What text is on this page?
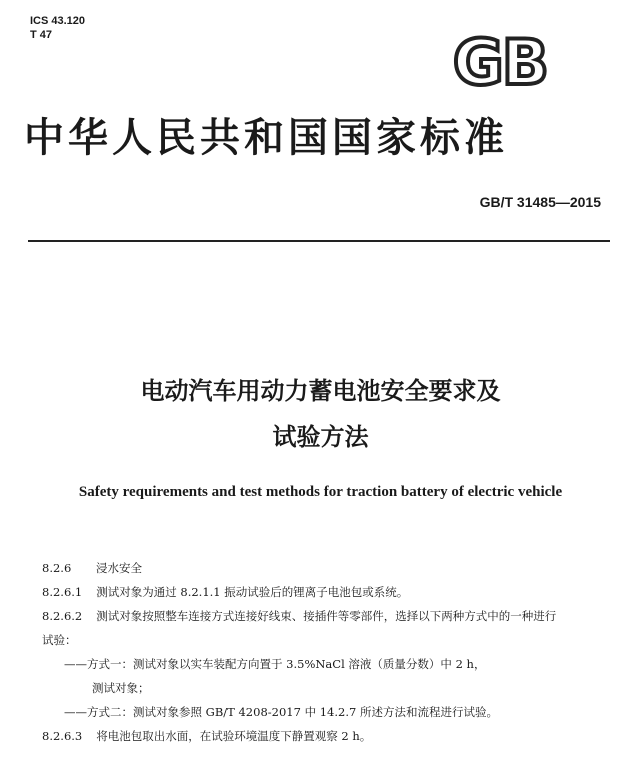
ICS 43.120
T 47	GB
中华人民共和国国家标准
GB/T 31485—2015
电动汽车用动力蓄电池安全要求及
试验方法
Safety requirements and test methods for traction battery of electric vehicle

8.2.6 浸水安全

8.2.6.1 测试对象为通过 8.2.1.1 振动试验后的锂离子电池包或系统。

8.2.6.2 测试对象按照整车连接方式连接好线束、接插件等零部件，选择以下两种方式中的一种进行

试验：

——方式一：测试对象以实车装配方向置于 3.5%NaCl 溶液（质量分数）中 2 h，

测试对象；

——方式二：测试对象参照 GB/T 4208-2017 中 14.2.7 所述方法和流程进行试验。

8.2.6.3 将电池包取出水面，在试验环境温度下静置观察 2 h。
